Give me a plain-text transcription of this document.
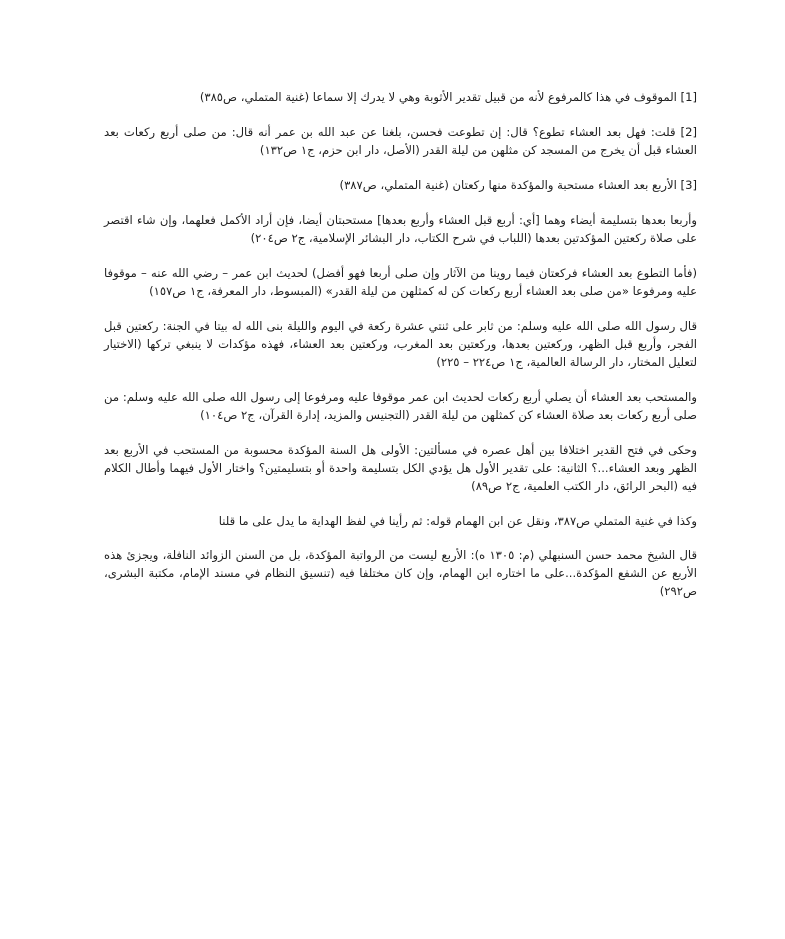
[1] الموقوف في هذا كالمرفوع لأنه من قبيل تقدير الأثوبة وهي لا يدرك إلا سماعا (غنية المتملي، ص٣٨٥)

[2] قلت: فهل بعد العشاء تطوع؟ قال: إن تطوعت فحسن، بلغنا عن عبد الله بن عمر أنه قال: من صلى أربع ركعات بعد العشاء قبل أن يخرج من المسجد كن مثلهن من ليلة القدر (الأصل، دار ابن حزم، ج١ ص١٣٢)

[3] الأربع بعد العشاء مستحبة والمؤكدة منها ركعتان (غنية المتملي، ص٣٨٧)

وأربعا بعدها بتسليمة أيضاء وهما [أي: أربع قبل العشاء وأربع بعدها] مستحبتان أيضا، فإن أراد الأكمل فعلهما، وإن شاء اقتصر على صلاة ركعتين المؤكدتين بعدها (اللباب في شرح الكتاب، دار البشائر الإسلامية، ج٢ ص٢٠٤)

(فأما التطوع بعد العشاء فركعتان فيما روينا من الآثار وإن صلى أربعا فهو أفضل) لحديث ابن عمر – رضي الله عنه – موقوفا عليه ومرفوعا «من صلى بعد العشاء أربع ركعات كن له كمثلهن من ليلة القدر» (المبسوط، دار المعرفة، ج١ ص١٥٧)

قال رسول الله صلى الله عليه وسلم: من ثابر على ثنتي عشرة ركعة في اليوم والليلة بنى الله له بيتا في الجنة: ركعتين قبل الفجر، وأربع قبل الظهر، وركعتين بعدها، وركعتين بعد المغرب، وركعتين بعد العشاء، فهذه مؤكدات لا ينبغي تركها (الاختيار لتعليل المختار، دار الرسالة العالمية، ج١ ص٢٢٤ – ٢٢٥)

والمستحب بعد العشاء أن يصلي أربع ركعات لحديث ابن عمر موقوفا عليه ومرفوعا إلى رسول الله صلى الله عليه وسلم: من صلى أربع ركعات بعد صلاة العشاء كن كمثلهن من ليلة القدر (التجنيس والمزيد، إدارة القرآن، ج٢ ص١٠٤)

وحكى في فتح القدير اختلافا بين أهل عصره في مسألتين: الأولى هل السنة المؤكدة محسوبة من المستحب في الأربع بعد الظهر وبعد العشاء...؟ الثانية: على تقدير الأول هل يؤدي الكل بتسليمة واحدة أو بتسليمتين؟ واختار الأول فيهما وأطال الكلام فيه (البحر الرائق، دار الكتب العلمية، ج٢ ص٨٩)

وكذا في غنية المتملي ص٣٨٧، ونقل عن ابن الهمام قوله: ثم رأينا في لفظ الهداية ما يدل على ما قلنا

قال الشيخ محمد حسن السنبهلي (م: ١٣٠٥ ه): الأربع ليست من الرواتبة المؤكدة، بل من السنن الزوائد النافلة، ويجزئ هذه الأربع عن الشفع المؤكدة...على ما اختاره ابن الهمام، وإن كان مختلفا فيه (تنسيق النظام في مسند الإمام، مكتبة البشرى، ص٢٩٢)
